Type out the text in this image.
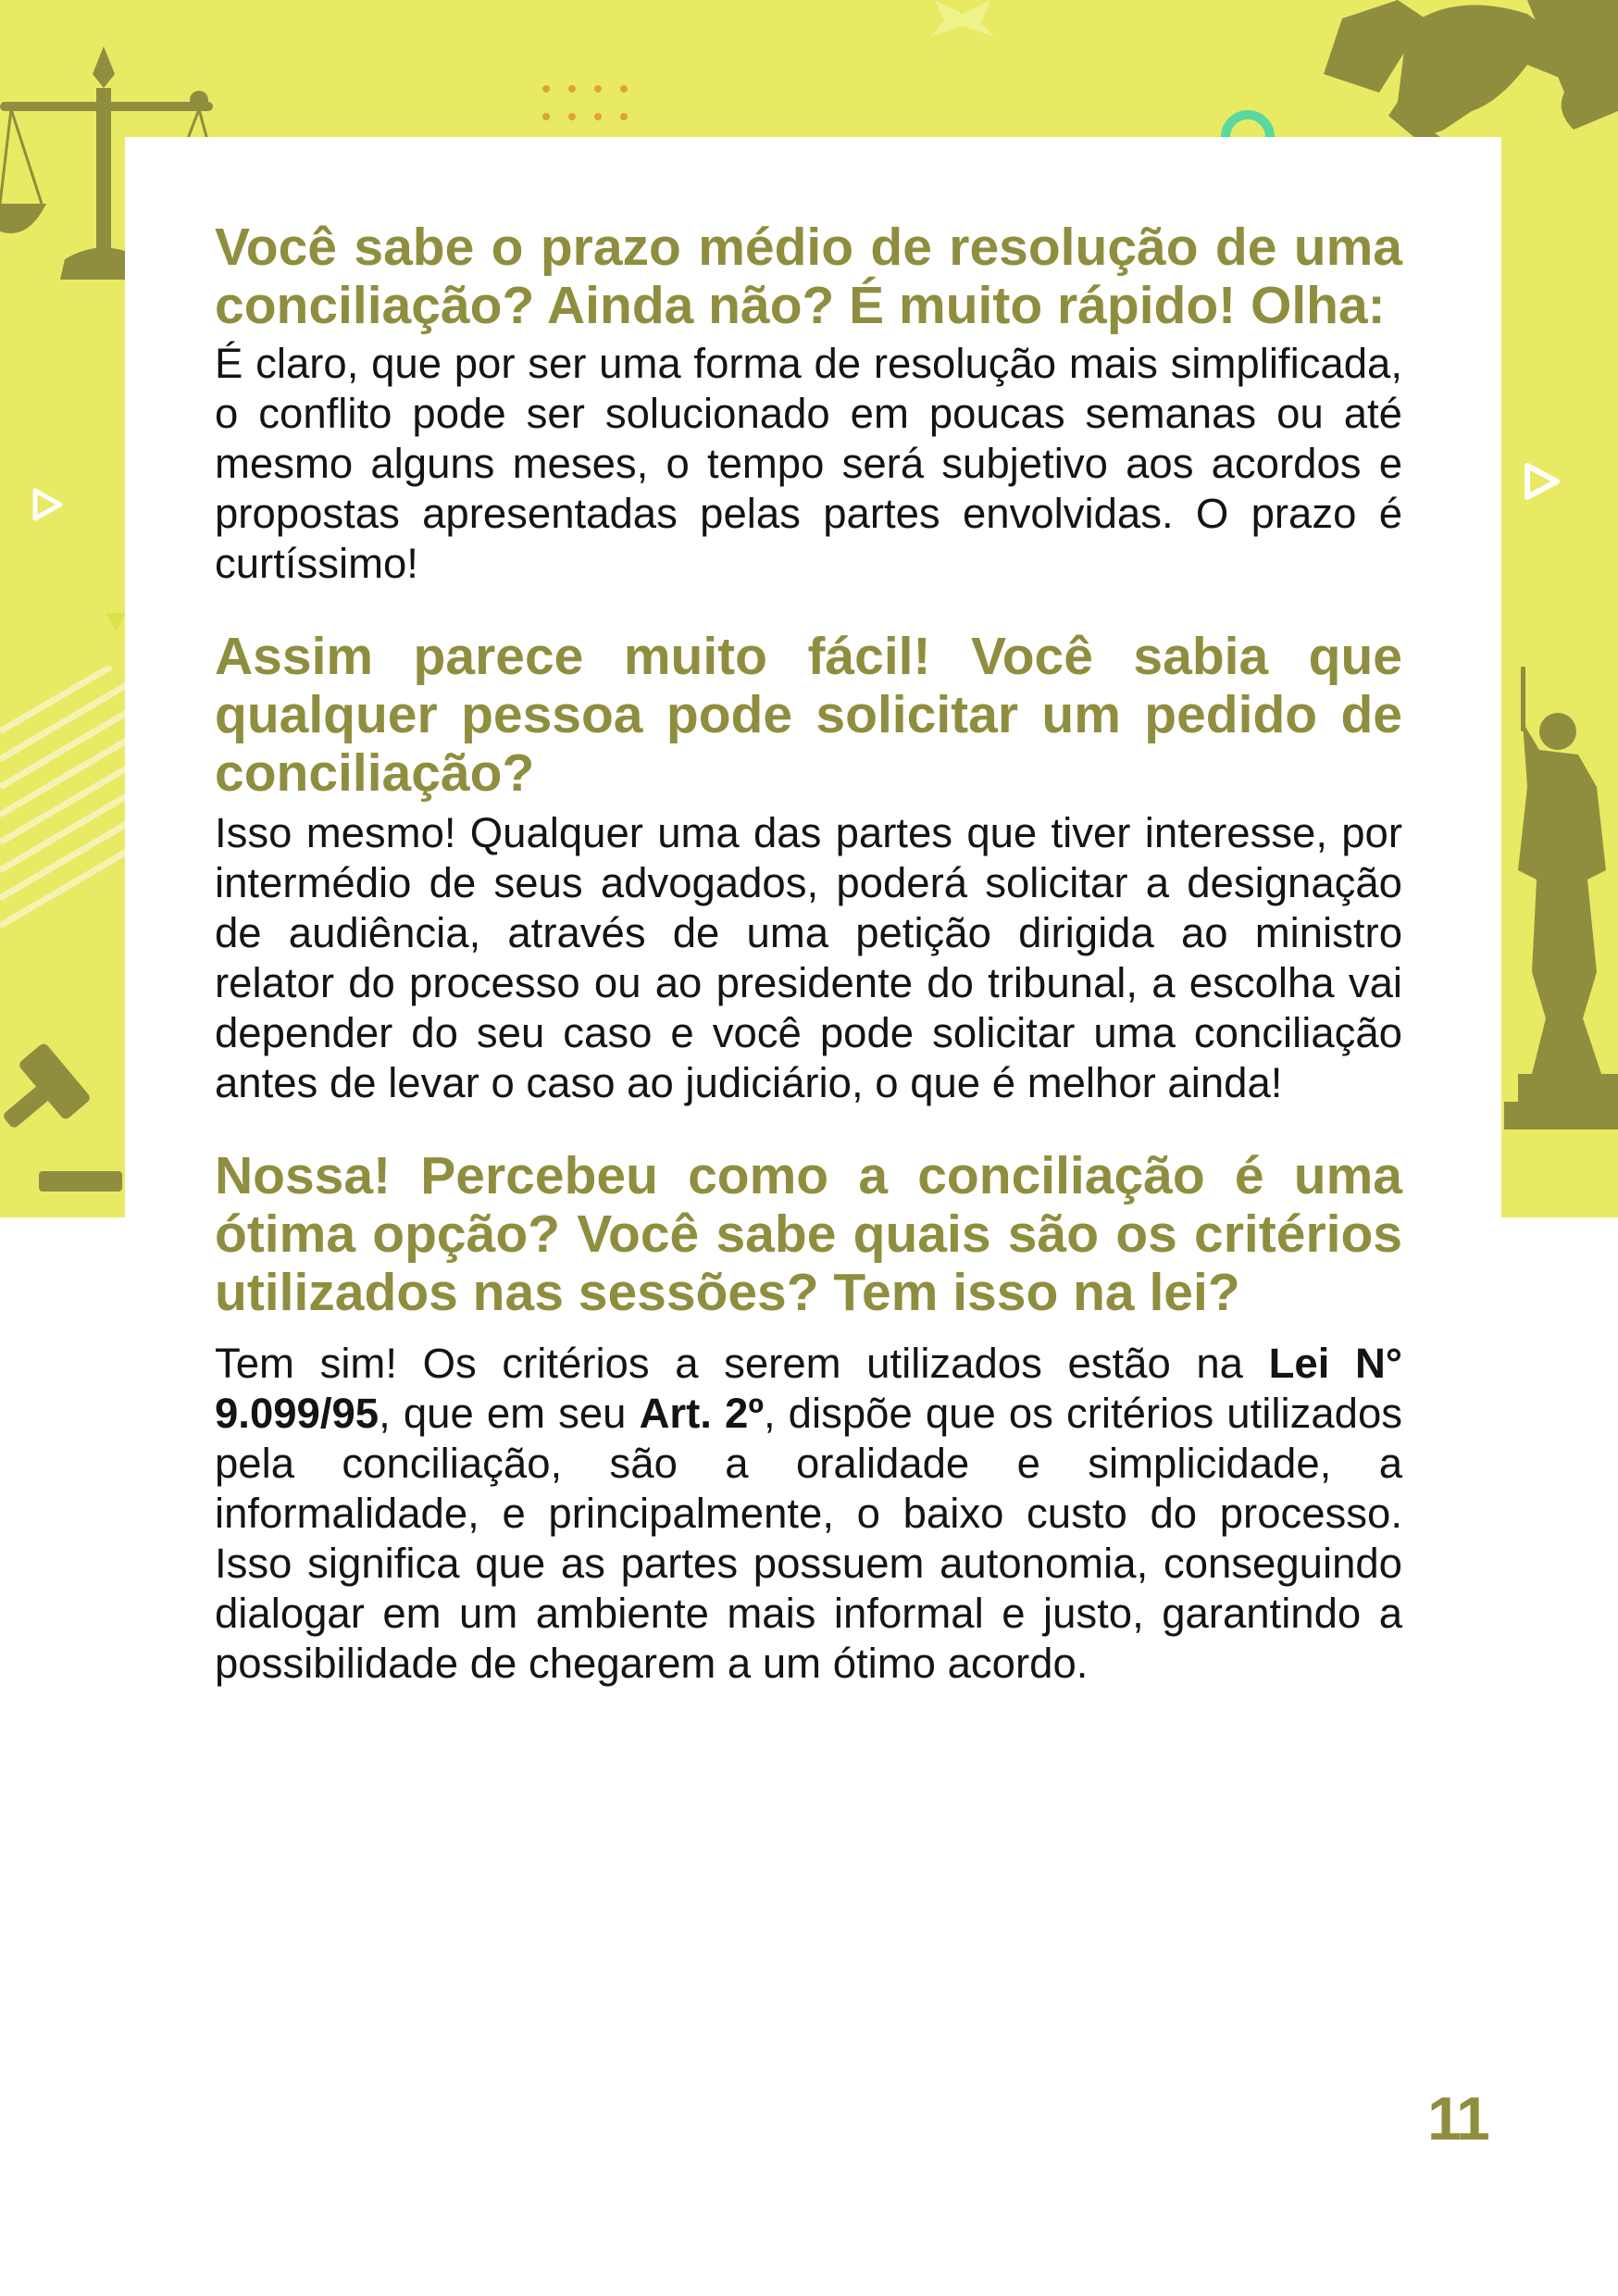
Você sabe o prazo médio de resolução de uma conciliação? Ainda não? É muito rápido! Olha:

É claro, que por ser uma forma de resolução mais simplificada, o conflito pode ser solucionado em poucas semanas ou até mesmo alguns meses, o tempo será subjetivo aos acordos e propostas apresentadas pelas partes envolvidas. O prazo é curtíssimo!

Assim parece muito fácil! Você sabia que qualquer pessoa pode solicitar um pedido de conciliação?

Isso mesmo! Qualquer uma das partes que tiver interesse, por intermédio de seus advogados, poderá solicitar a designação de audiência, através de uma petição dirigida ao ministro relator do processo ou ao presidente do tribunal, a escolha vai depender do seu caso e você pode solicitar uma conciliação antes de levar o caso ao judiciário, o que é melhor ainda!

Nossa! Percebeu como a conciliação é uma ótima opção? Você sabe quais são os critérios utilizados nas sessões? Tem isso na lei?

Tem sim! Os critérios a serem utilizados estão na Lei N° 9.099/95, que em seu Art. 2º, dispõe que os critérios utilizados pela conciliação, são a oralidade e simplicidade, a informalidade, e principalmente, o baixo custo do processo. Isso significa que as partes possuem autonomia, conseguindo dialogar em um ambiente mais informal e justo, garantindo a possibilidade de chegarem a um ótimo acordo.

11
